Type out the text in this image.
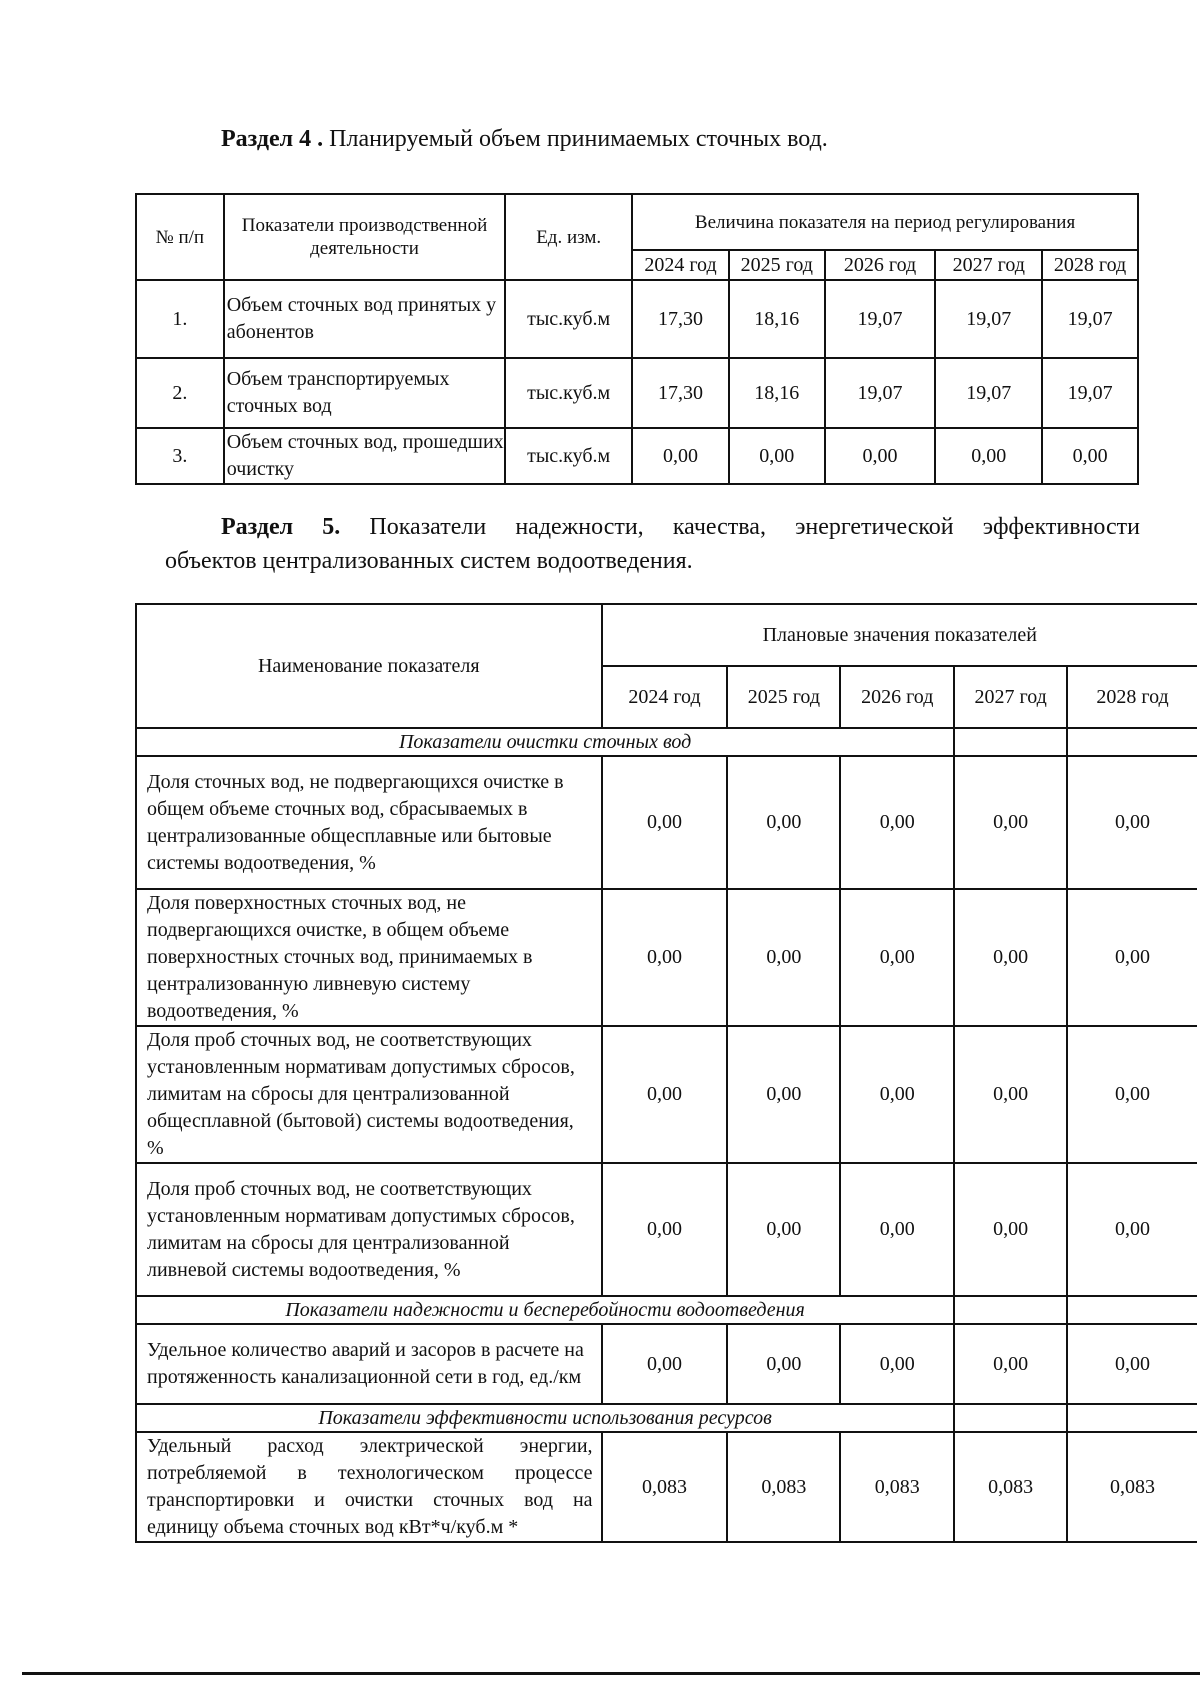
Раздел 4 . Планируемый объем принимаемых сточных вод.
№ п/п	Показатели производственной деятельности	Ед. изм.	Величина показателя на период регулирования				
			2024 год	2025 год	2026 год	2027 год	2028 год
1.	Объем сточных вод принятых у абонентов	тыс.куб.м	17,30	18,16	19,07	19,07	19,07
2.	Объем транспортируемых сточных вод	тыс.куб.м	17,30	18,16	19,07	19,07	19,07
3.	Объем сточных вод, прошедших очистку	тыс.куб.м	0,00	0,00	0,00	0,00	0,00
Раздел 5. Показатели надежности, качества, энергетической эффективности
объектов централизованных систем водоотведения.
Наименование показателя	Плановые значения показателей				
	2024 год	2025 год	2026 год	2027 год	2028 год
Показатели очистки сточных вод					
Доля сточных вод, не подвергающихся очистке в общем объеме сточных вод, сбрасываемых в централизованные общесплавные или бытовые системы водоотведения, %	0,00	0,00	0,00	0,00	0,00
Доля поверхностных сточных вод, не подвергающихся очистке, в общем объеме поверхностных сточных вод, принимаемых в централизованную ливневую систему водоотведения, %	0,00	0,00	0,00	0,00	0,00
Доля проб сточных вод, не соответствующих установленным нормативам допустимых сбросов, лимитам на сбросы для централизованной общесплавной (бытовой) системы водоотведения, %	0,00	0,00	0,00	0,00	0,00
Доля проб сточных вод, не соответствующих установленным нормативам допустимых сбросов, лимитам на сбросы для централизованной ливневой системы водоотведения, %	0,00	0,00	0,00	0,00	0,00
Показатели надежности и бесперебойности водоотведения					
Удельное количество аварий и засоров в расчете на протяженность канализационной сети в год, ед./км	0,00	0,00	0,00	0,00	0,00
Показатели эффективности использования ресурсов					
Удельный расход электрической энергии, потребляемой в технологическом процессе транспортировки и очистки сточных вод на единицу объема сточных вод кВт*ч/куб.м *	0,083	0,083	0,083	0,083	0,083
